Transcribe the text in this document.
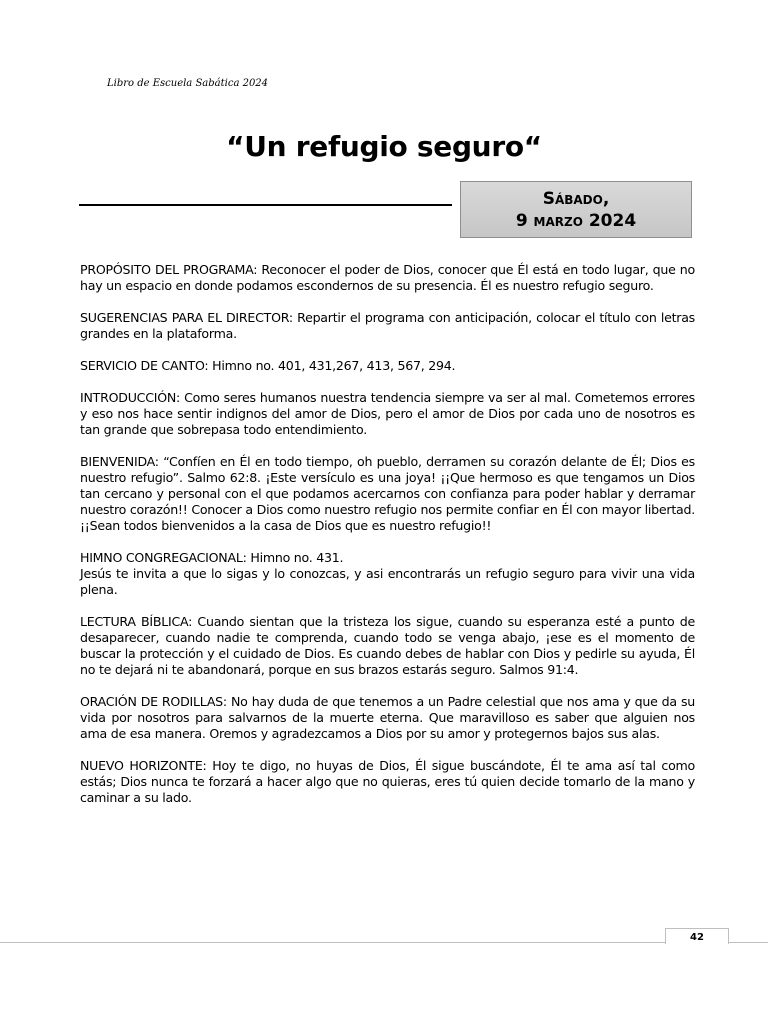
Libro de Escuela Sabática 2024
“Un refugio seguro“
Sábado,
9 marzo 2024

PROPÓSITO DEL PROGRAMA: Reconocer el poder de Dios, conocer que Él está en todo lugar, que no hay un espacio en donde podamos escondernos de su presencia. Él es nuestro refugio seguro.

SUGERENCIAS PARA EL DIRECTOR: Repartir el programa con anticipación, colocar el título con letras grandes en la plataforma.

SERVICIO DE CANTO: Himno no. 401, 431,267, 413, 567, 294.

INTRODUCCIÓN: Como seres humanos nuestra tendencia siempre va ser al mal. Cometemos errores y eso nos hace sentir indignos del amor de Dios, pero el amor de Dios por cada uno de nosotros es tan grande que sobrepasa todo entendimiento.

BIENVENIDA: “Confíen en Él en todo tiempo, oh pueblo, derramen su corazón delante de Él; Dios es nuestro refugio”. Salmo 62:8. ¡Este versículo es una joya! ¡¡Que hermoso es que tengamos un Dios tan cercano y personal con el que podamos acercarnos con confianza para poder hablar y derramar nuestro corazón!! Conocer a Dios como nuestro refugio nos permite confiar en Él con mayor libertad. ¡¡Sean todos bienvenidos a la casa de Dios que es nuestro refugio!!

HIMNO CONGREGACIONAL: Himno no. 431.

Jesús te invita a que lo sigas y lo conozcas, y asi encontrarás un refugio seguro para vivir una vida plena.

LECTURA BÍBLICA: Cuando sientan que la tristeza los sigue, cuando su esperanza esté a punto de desaparecer, cuando nadie te comprenda, cuando todo se venga abajo, ¡ese es el momento de buscar la protección y el cuidado de Dios. Es cuando debes de hablar con Dios y pedirle su ayuda, Él no te dejará ni te abandonará, porque en sus brazos estarás seguro. Salmos 91:4.

ORACIÓN DE RODILLAS: No hay duda de que tenemos a un Padre celestial que nos ama y que da su vida por nosotros para salvarnos de la muerte eterna. Que maravilloso es saber que alguien nos ama de esa manera. Oremos y agradezcamos a Dios por su amor y protegernos bajos sus alas.

NUEVO HORIZONTE: Hoy te digo, no huyas de Dios, Él sigue buscándote, Él te ama así tal como estás; Dios nunca te forzará a hacer algo que no quieras, eres tú quien decide tomarlo de la mano y caminar a su lado.

42
